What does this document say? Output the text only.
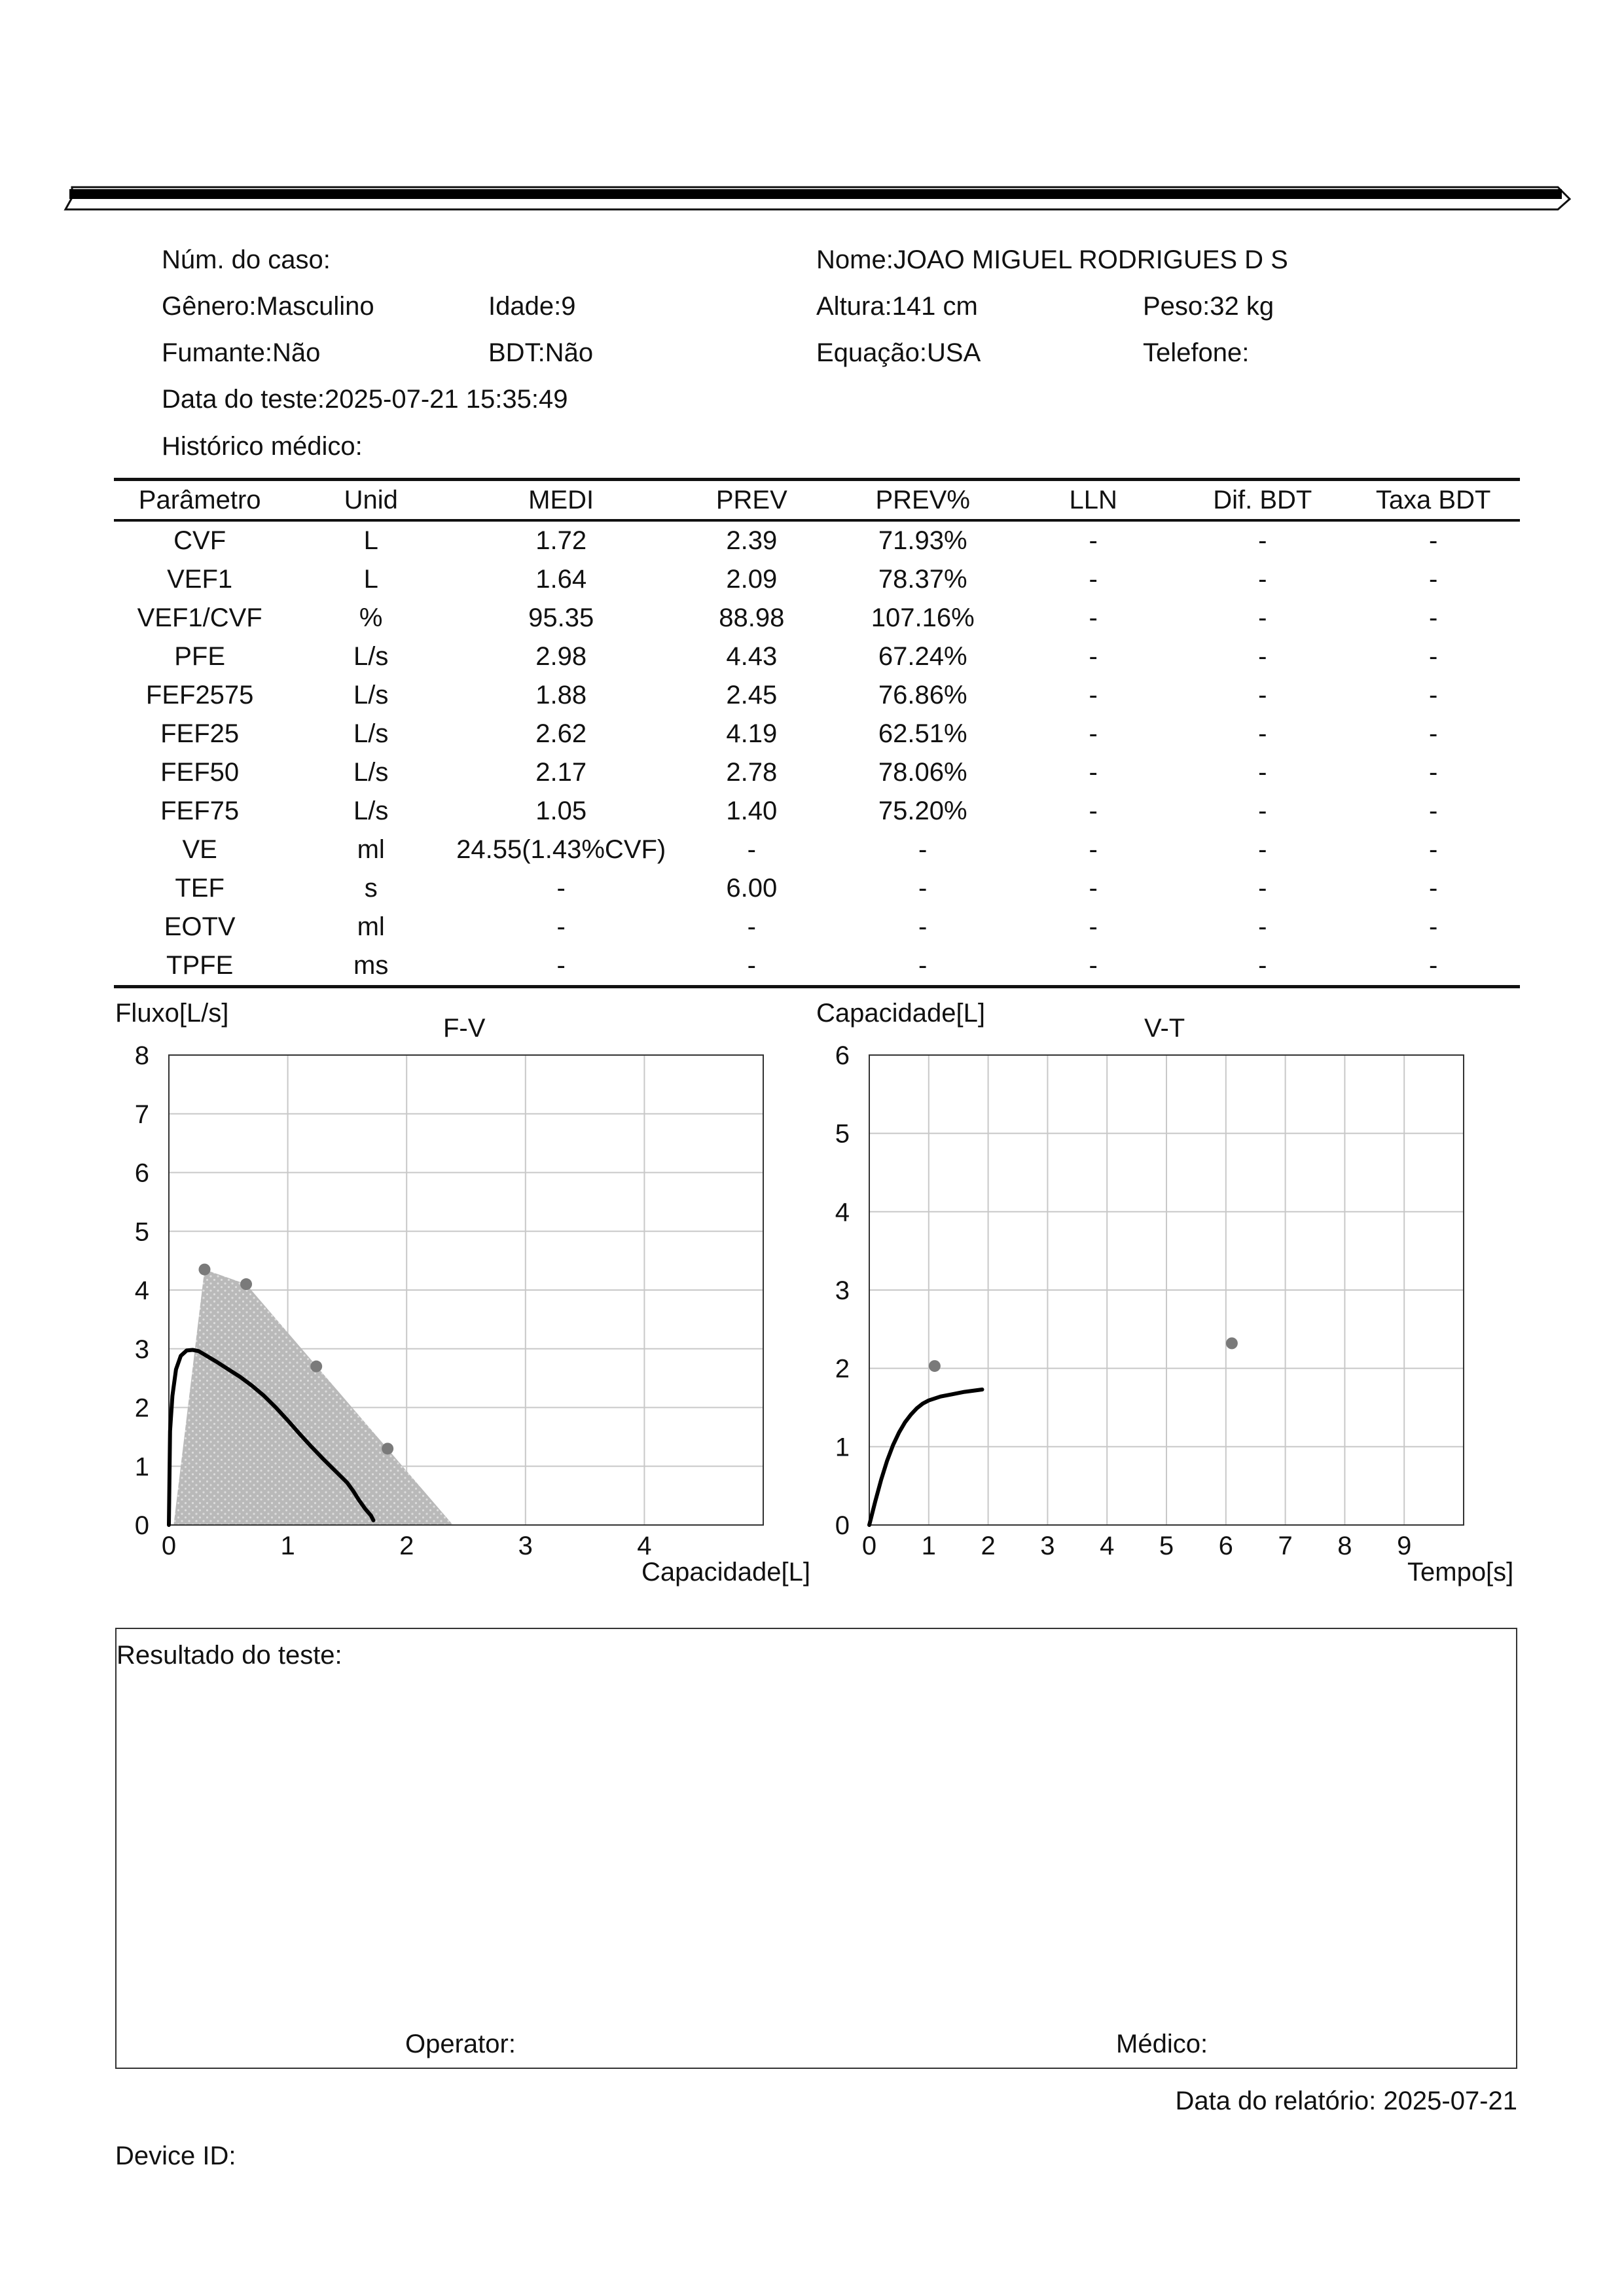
Núm. do caso:	Nome:JOAO MIGUEL RODRIGUES D S
Gênero:Masculino	Idade:9	Altura:141 cm	Peso:32 kg
Fumante:Não	BDT:Não	Equação:USA	Telefone:
Data do teste:2025-07-21 15:35:49
Histórico médico:
Parâmetro	Unid	MEDI	PREV	PREV%	LLN	Dif. BDT	Taxa BDT
CVF	L	1.72	2.39	71.93%	-	-	-
VEF1	L	1.64	2.09	78.37%	-	-	-
VEF1/CVF	%	95.35	88.98	107.16%	-	-	-
PFE	L/s	2.98	4.43	67.24%	-	-	-
FEF2575	L/s	1.88	2.45	76.86%	-	-	-
FEF25	L/s	2.62	4.19	62.51%	-	-	-
FEF50	L/s	2.17	2.78	78.06%	-	-	-
FEF75	L/s	1.05	1.40	75.20%	-	-	-
VE	ml	24.55(1.43%CVF)	-	-	-	-	-
TEF	s	-	6.00	-	-	-	-
EOTV	ml	-	-	-	-	-	-
TPFE	ms	-	-	-	-	-	-
Fluxo[L/s]
F-V
Capacidade[L]
Capacidade[L]
V-T
Tempo[s]
0	1	2	3	4
0
1
2
3
4
5
6
7
8
0 1 2 3 4 5 6 7 8 9
0
1
2
3
4
5
6
Resultado do teste:
Operator:	Médico:
Data do relatório: 2025-07-21
Device ID:
